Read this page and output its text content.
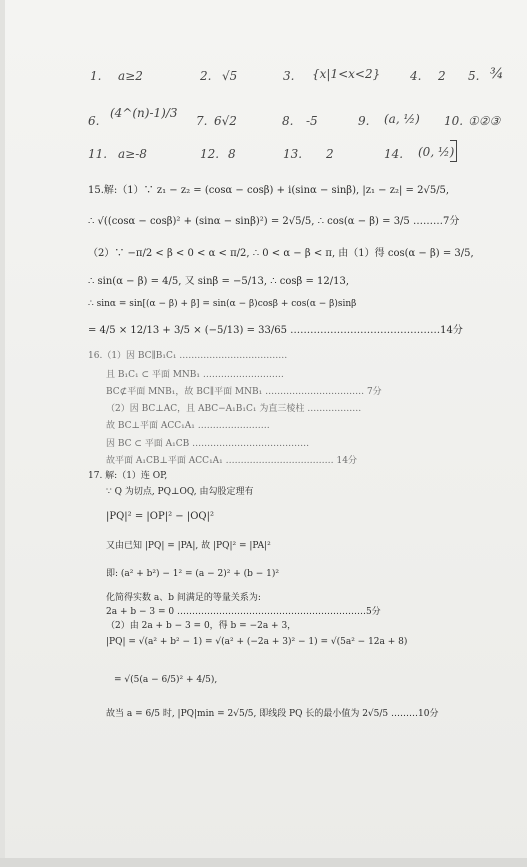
1. a≥2	2. √5	3. {x|1<x<2} 4. 2 5. ¾
6.
(4^(n)-1)/3
7. 6√2	8. -5	9. (a, ½) 10. ①②③
11. a≥-8	12. 8	13. 2	14. (0, ½)
15.解:（1）∵ z₁ − z₂ = (cosα − cosβ) + i(sinα − sinβ), |z₁ − z₂| = 2√5/5,
∴ √((cosα − cosβ)² + (sinα − sinβ)²) = 2√5/5, ∴ cos(α − β) = 3/5 ………7分
（2）∵ −π/2 < β < 0 < α < π/2, ∴ 0 < α − β < π, 由（1）得 cos(α − β) = 3/5,
∴ sin(α − β) = 4/5, 又 sinβ = −5/13, ∴ cosβ = 12/13,
∴ sinα = sin[(α − β) + β] = sin(α − β)cosβ + cos(α − β)sinβ
= 4/5 × 12/13 + 3/5 × (−5/13) = 33/65 ………………………………………14分
16.（1）因 BC∥B₁C₁ ………………………………
且 B₁C₁ ⊂ 平面 MNB₁ ………………………
BC⊄平面 MNB₁，故 BC∥平面 MNB₁ …………………………… 7分
（2）因 BC⊥AC，且 ABC−A₁B₁C₁ 为直三棱柱 ………………
故 BC⊥平面 ACC₁A₁ ……………………
因 BC ⊂ 平面 A₁CB …………………………………
故平面 A₁CB⊥平面 ACC₁A₁ ……………………………… 14分
17. 解:（1）连 OP,
∵ Q 为切点, PQ⊥OQ, 由勾股定理有
|PQ|² = |OP|² − |OQ|²
又由已知 |PQ| = |PA|, 故 |PQ|² = |PA|²
即: (a² + b²) − 1² = (a − 2)² + (b − 1)²
化简得实数 a、b 间满足的等量关系为:
2a + b − 3 = 0 ………………………………………………………5分
（2）由 2a + b − 3 = 0，得 b = −2a + 3，
|PQ| = √(a² + b² − 1) = √(a² + (−2a + 3)² − 1) = √(5a² − 12a + 8)
= √(5(a − 6/5)² + 4/5),
故当 a = 6/5 时, |PQ|min = 2√5/5, 即线段 PQ 长的最小值为 2√5/5 ………10分
